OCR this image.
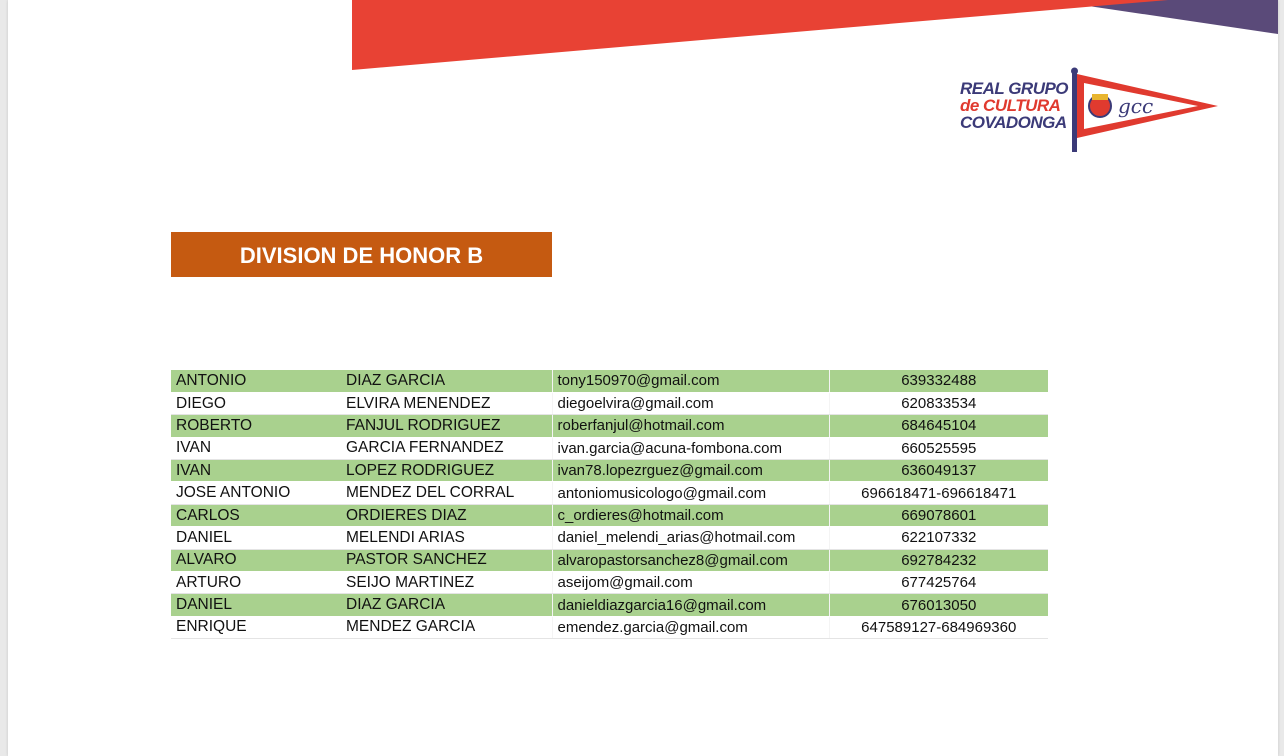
REAL GRUPO
de CULTURA
COVADONGA
gcc
DIVISION DE HONOR B
ANTONIO	DIAZ GARCIA	tony150970@gmail.com	639332488
DIEGO	ELVIRA MENENDEZ	diegoelvira@gmail.com	620833534
ROBERTO	FANJUL RODRIGUEZ	roberfanjul@hotmail.com	684645104
IVAN	GARCIA FERNANDEZ	ivan.garcia@acuna-fombona.com	660525595
IVAN	LOPEZ RODRIGUEZ	ivan78.lopezrguez@gmail.com	636049137
JOSE ANTONIO	MENDEZ DEL CORRAL	antoniomusicologo@gmail.com	696618471-696618471
CARLOS	ORDIERES DIAZ	c_ordieres@hotmail.com	669078601
DANIEL	MELENDI ARIAS	daniel_melendi_arias@hotmail.com	622107332
ALVARO	PASTOR SANCHEZ	alvaropastorsanchez8@gmail.com	692784232
ARTURO	SEIJO MARTINEZ	aseijom@gmail.com	677425764
DANIEL	DIAZ GARCIA	danieldiazgarcia16@gmail.com	676013050
ENRIQUE	MENDEZ GARCIA	emendez.garcia@gmail.com	647589127-684969360
